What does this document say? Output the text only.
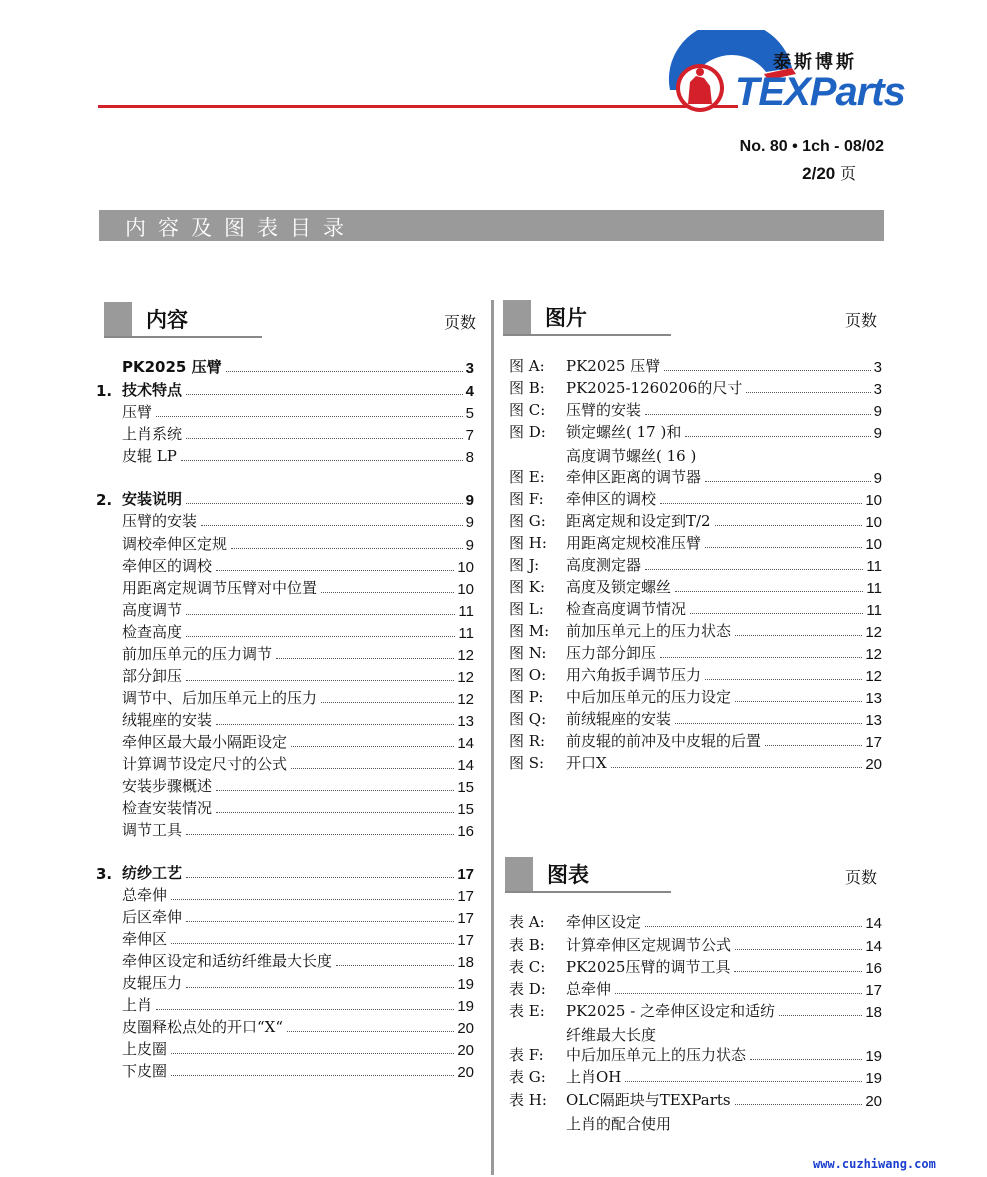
泰斯博斯
TEXParts
No. 80 • 1ch - 08/02
2/20 页
内容及图表目录
内容	页数
PK2025 压臂	3
1. 技术特点	4
压臂	5
上肖系统	7
皮辊 LP	8
2. 安装说明	9
压臂的安装	9
调校牵伸区定规	9
牵伸区的调校	10
用距离定规调节压臂对中位置	10
高度调节	11
检查高度	11
前加压单元的压力调节	12
部分卸压	12
调节中、后加压单元上的压力	12
绒辊座的安装	13
牵伸区最大最小隔距设定	14
计算调节设定尺寸的公式	14
安装步骤概述	15
检查安装情况	15
调节工具	16
3. 纺纱工艺	17
总牵伸	17
后区牵伸	17
牵伸区	17
牵伸区设定和适纺纤维最大长度	18
皮辊压力	19
上肖	19
皮圈释松点处的开口“X“	20
上皮圈	20
下皮圈	20
图片	页数
图 A:	PK2025 压臂	3
图 B:	PK2025-1260206的尺寸	3
图 C:	压臂的安装	9
图 D:	锁定螺丝( 17 )和	9
高度调节螺丝( 16 )
图 E:	牵伸区距离的调节器	9
图 F:	牵伸区的调校	10
图 G:	距离定规和设定到T/2	10
图 H:	用距离定规校准压臂	10
图 J:	高度测定器	11
图 K:	高度及锁定螺丝	11
图 L:	检查高度调节情况	11
图 M:	前加压单元上的压力状态	12
图 N:	压力部分卸压	12
图 O:	用六角扳手调节压力	12
图 P:	中后加压单元的压力设定	13
图 Q:	前绒辊座的安装	13
图 R:	前皮辊的前冲及中皮辊的后置	17
图 S:	开口X	20
图表	页数
表 A:	牵伸区设定	14
表 B:	计算牵伸区定规调节公式	14
表 C:	PK2025压臂的调节工具	16
表 D:	总牵伸	17
表 E:	PK2025 - 之牵伸区设定和适纺	18
纤维最大长度
表 F:	中后加压单元上的压力状态	19
表 G:	上肖OH	19
表 H:	OLC隔距块与TEXParts	20
上肖的配合使用
www.cuzhiwang.com
